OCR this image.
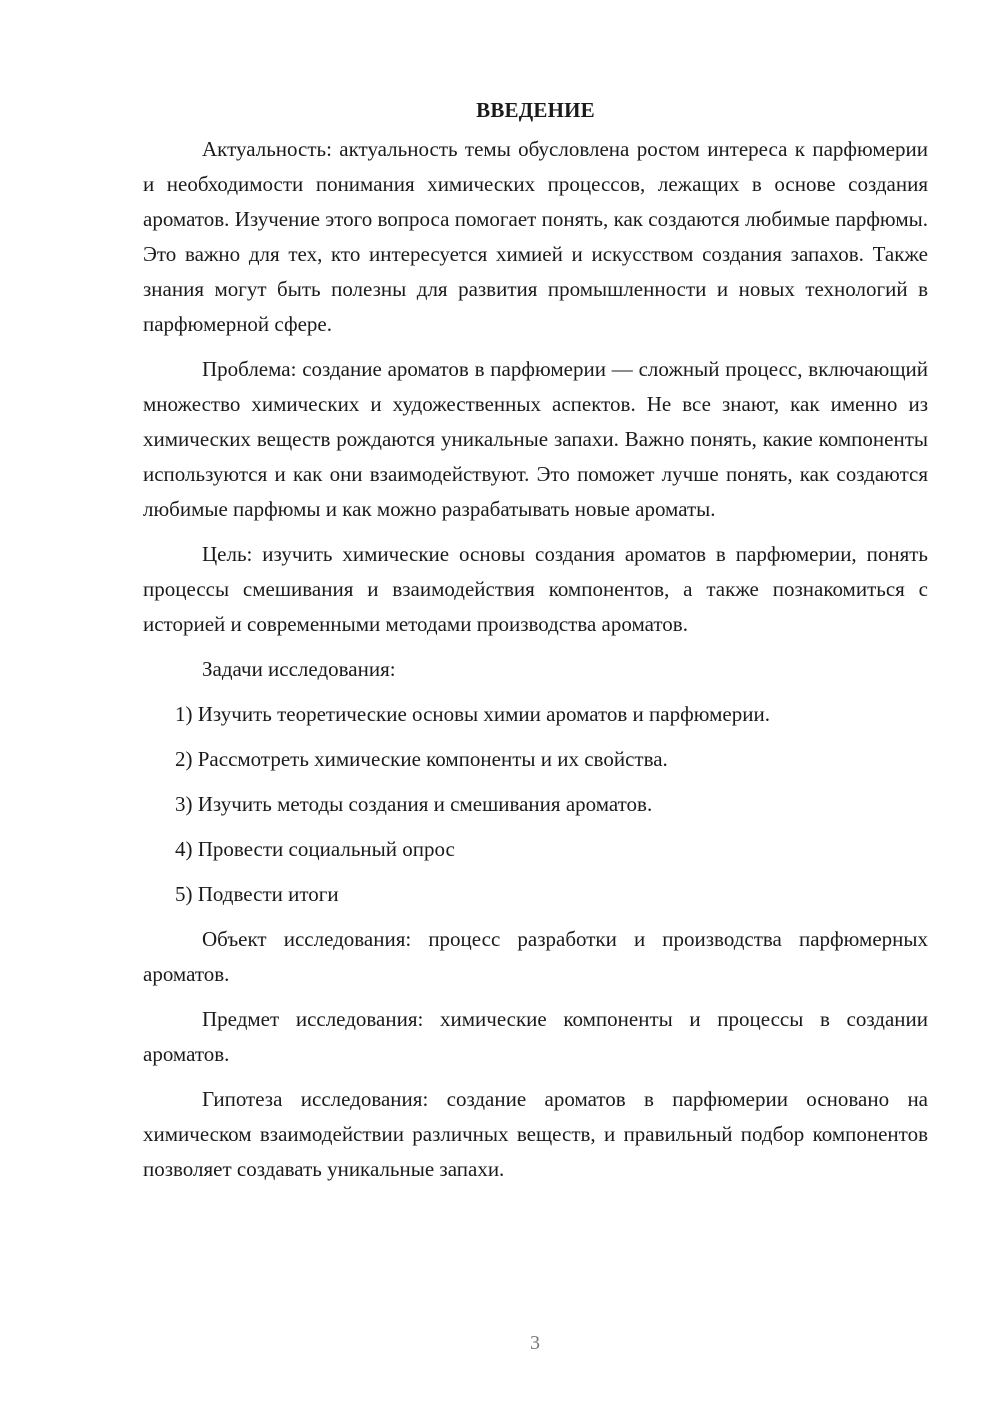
ВВЕДЕНИЕ

Актуальность: актуальность темы обусловлена ростом интереса к парфюмерии и необходимости понимания химических процессов, лежащих в основе создания ароматов. Изучение этого вопроса помогает понять, как создаются любимые парфюмы. Это важно для тех, кто интересуется химией и искусством создания запахов. Также знания могут быть полезны для развития промышленности и новых технологий в парфюмерной сфере.

Проблема: создание ароматов в парфюмерии — сложный процесс, включающий множество химических и художественных аспектов. Не все знают, как именно из химических веществ рождаются уникальные запахи. Важно понять, какие компоненты используются и как они взаимодействуют. Это поможет лучше понять, как создаются любимые парфюмы и как можно разрабатывать новые ароматы.

Цель: изучить химические основы создания ароматов в парфюмерии, понять процессы смешивания и взаимодействия компонентов, а также познакомиться с историей и современными методами производства ароматов.

Задачи исследования:
1) Изучить теоретические основы химии ароматов и парфюмерии.
2) Рассмотреть химические компоненты и их свойства.
3) Изучить методы создания и смешивания ароматов.
4) Провести социальный опрос
5) Подвести итоги

Объект исследования: процесс разработки и производства парфюмерных ароматов.

Предмет исследования: химические компоненты и процессы в создании ароматов.

Гипотеза исследования: создание ароматов в парфюмерии основано на химическом взаимодействии различных веществ, и правильный подбор компонентов позволяет создавать уникальные запахи.

3
